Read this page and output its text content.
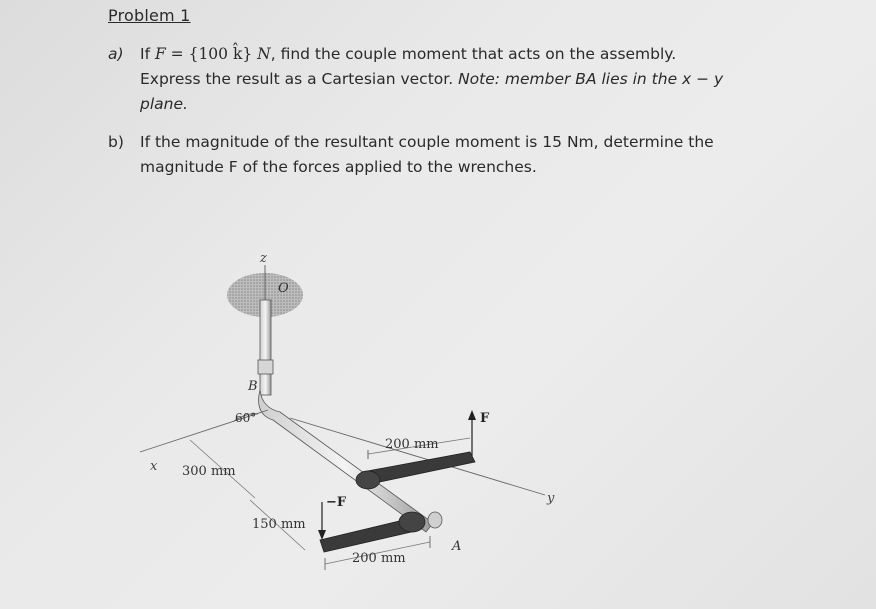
Problem 1
a)	If F = {100 k̂} N, find the couple moment that acts on the assembly.
Express the result as a Cartesian vector. Note: member BA lies in the x − y
plane.
b)	If the magnitude of the resultant couple moment is 15 Nm, determine the
magnitude F of the forces applied to the wrenches.
z
O
B
x
y
60°
300 mm
200 mm
F
A
−F
150 mm
200 mm
